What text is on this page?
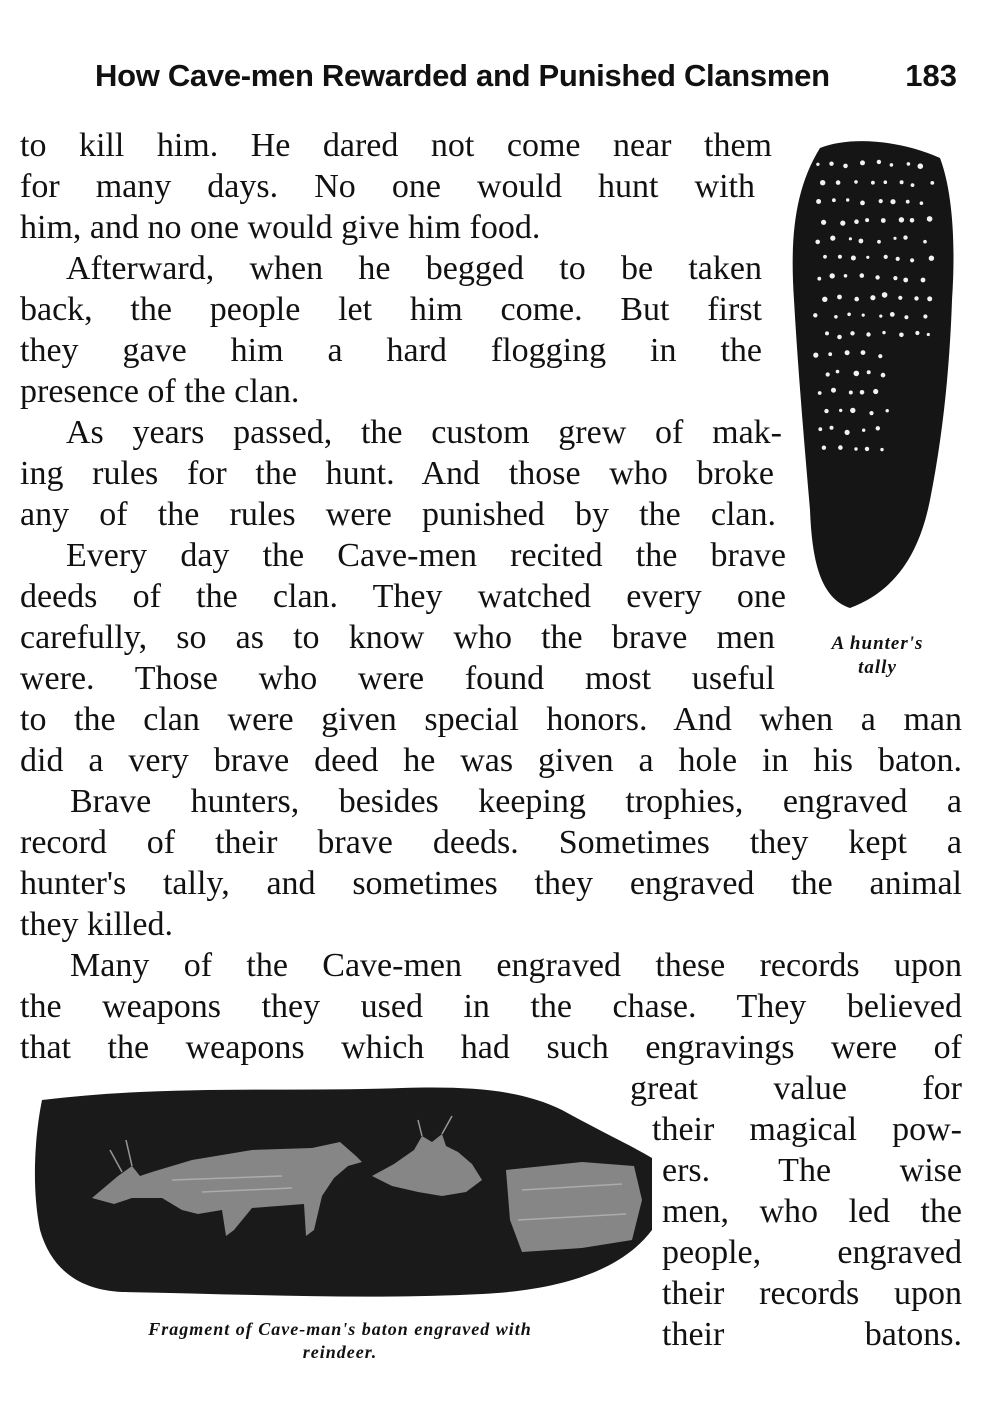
How Cave-men Rewarded and Punished Clansmen 183
to kill him. He dared not come near them
for many days. No one would hunt with
him, and no one would give him food.
Afterward, when he begged to be taken
back, the people let him come. But first
they gave him a hard flogging in the
presence of the clan.
As years passed, the custom grew of mak-
ing rules for the hunt. And those who broke
any of the rules were punished by the clan.
Every day the Cave-men recited the brave
deeds of the clan. They watched every one
carefully, so as to know who the brave men
were. Those who were found most useful
to the clan were given special honors. And when a man
did a very brave deed he was given a hole in his baton.
Brave hunters, besides keeping trophies, engraved a
record of their brave deeds. Sometimes they kept a
hunter's tally, and sometimes they engraved the animal
they killed.
Many of the Cave-men engraved these records upon
the weapons they used in the chase. They believed
that the weapons which had such engravings were of
great value for
their magical pow-
ers. The wise
men, who led the
people, engraved
their records upon
their batons.
A hunter's
tally
Fragment of Cave-man's baton engraved with
reindeer.
